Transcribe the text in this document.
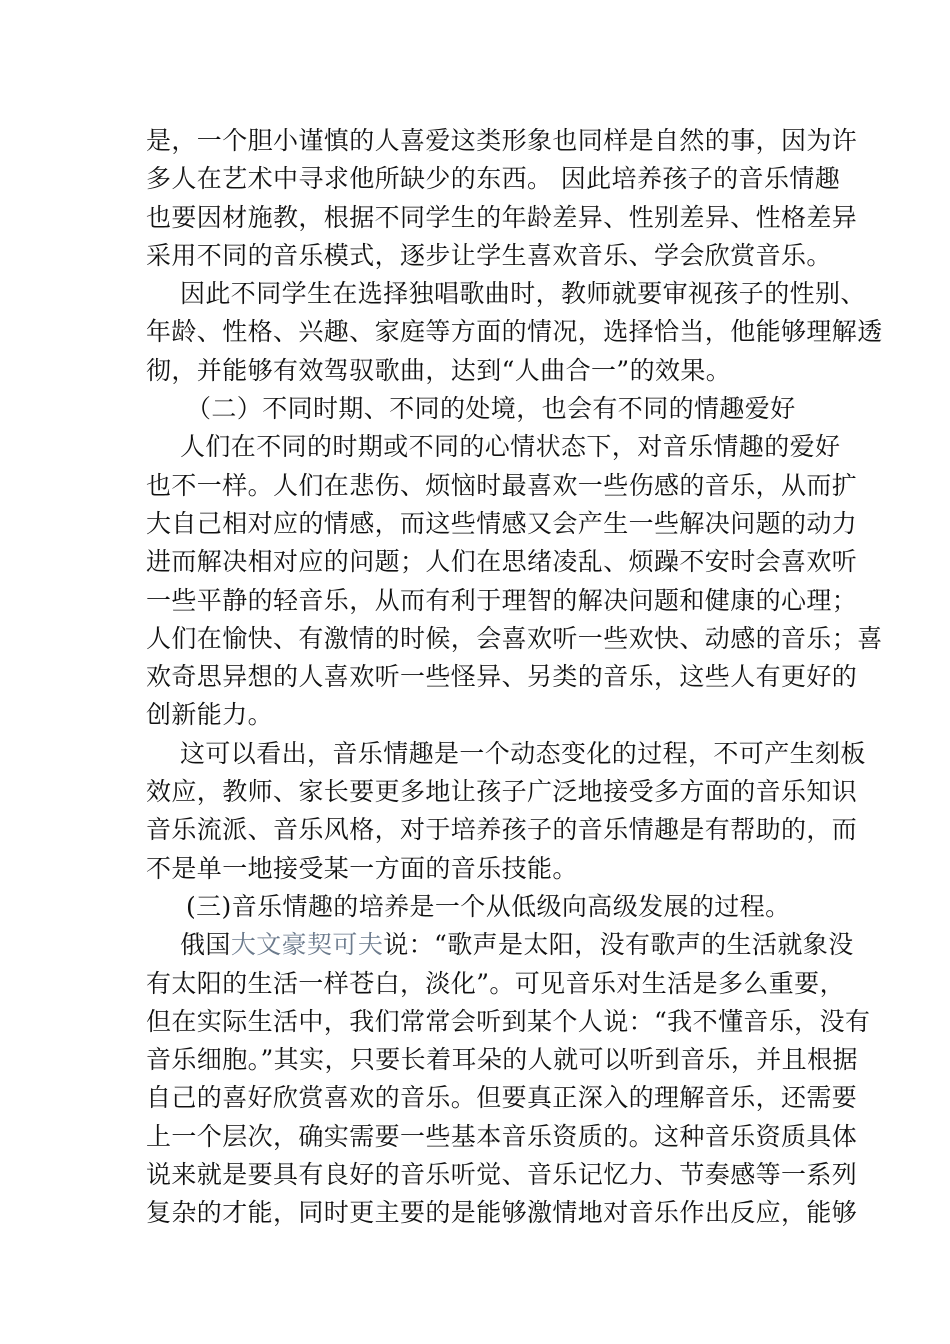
是，一个胆小谨慎的人喜爱这类形象也同样是自然的事，因为许
多人在艺术中寻求他所缺少的东西。 因此培养孩子的音乐情趣
也要因材施教，根据不同学生的年龄差异、性别差异、性格差异
采用不同的音乐模式，逐步让学生喜欢音乐、学会欣赏音乐。
因此不同学生在选择独唱歌曲时，教师就要审视孩子的性别、
年龄、性格、兴趣、家庭等方面的情况，选择恰当，他能够理解透
彻，并能够有效驾驭歌曲，达到“人曲合一”的效果。
（二）不同时期、不同的处境，也会有不同的情趣爱好
人们在不同的时期或不同的心情状态下，对音乐情趣的爱好
也不一样。人们在悲伤、烦恼时最喜欢一些伤感的音乐，从而扩
大自己相对应的情感，而这些情感又会产生一些解决问题的动力
进而解决相对应的问题；人们在思绪凌乱、烦躁不安时会喜欢听
一些平静的轻音乐，从而有利于理智的解决问题和健康的心理；
人们在愉快、有激情的时候，会喜欢听一些欢快、动感的音乐；喜
欢奇思异想的人喜欢听一些怪异、另类的音乐，这些人有更好的
创新能力。
这可以看出，音乐情趣是一个动态变化的过程，不可产生刻板
效应，教师、家长要更多地让孩子广泛地接受多方面的音乐知识
音乐流派、音乐风格，对于培养孩子的音乐情趣是有帮助的，而
不是单一地接受某一方面的音乐技能。
(三)音乐情趣的培养是一个从低级向高级发展的过程。
俄国大文豪契可夫说：“歌声是太阳，没有歌声的生活就象没
有太阳的生活一样苍白，淡化”。可见音乐对生活是多么重要，
但在实际生活中，我们常常会听到某个人说：“我不懂音乐，没有
音乐细胞。”其实，只要长着耳朵的人就可以听到音乐，并且根据
自己的喜好欣赏喜欢的音乐。但要真正深入的理解音乐，还需要
上一个层次，确实需要一些基本音乐资质的。这种音乐资质具体
说来就是要具有良好的音乐听觉、音乐记忆力、节奏感等一系列
复杂的才能，同时更主要的是能够激情地对音乐作出反应，能够
